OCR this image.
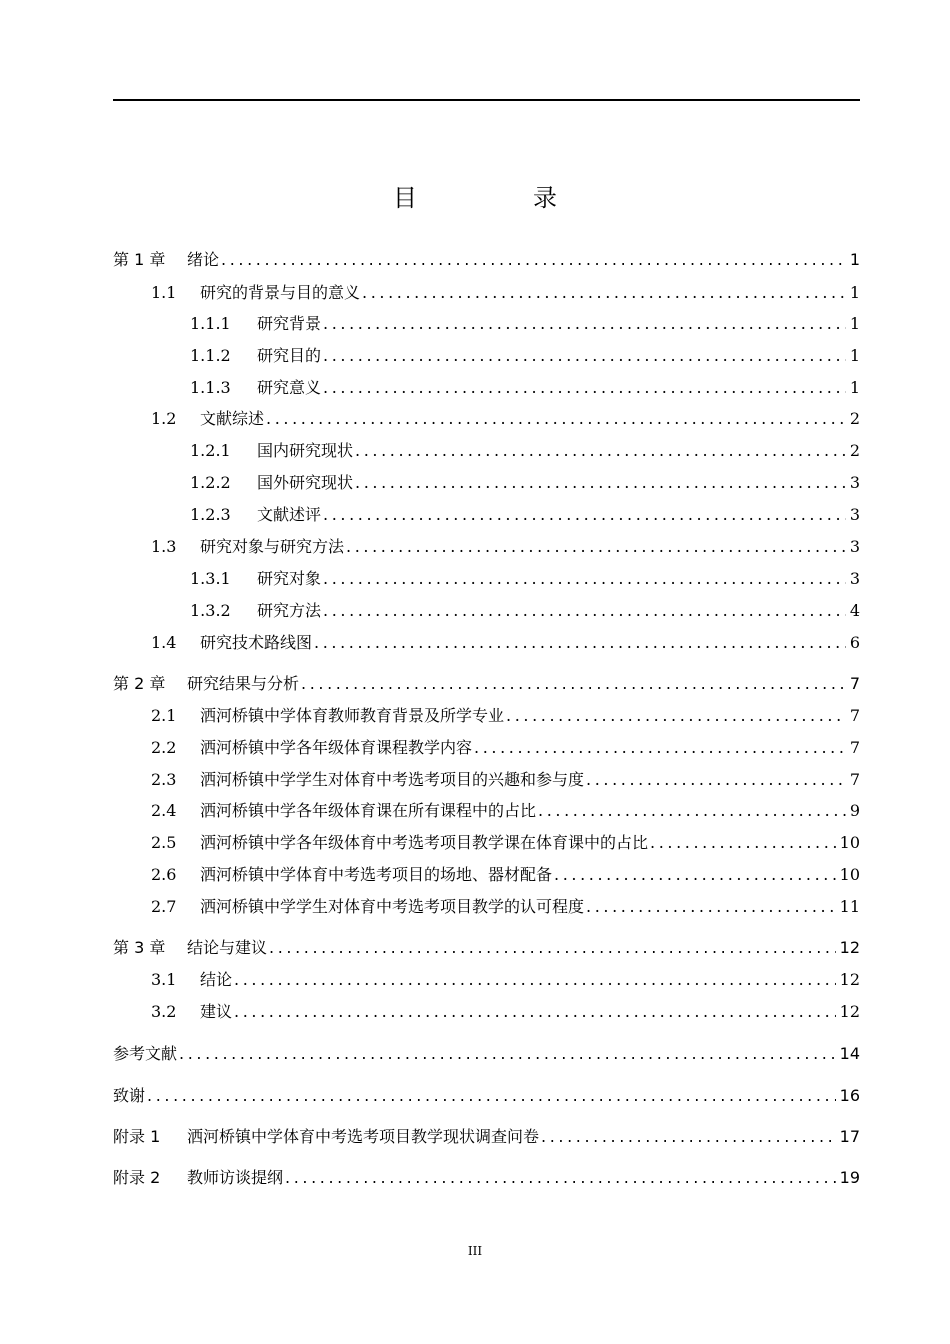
目　录
第 1 章	绪论 .....	1
1.1	研究的背景与目的意义 .....	1
1.1.1	研究背景 .....	1
1.1.2	研究目的 .....	1
1.1.3	研究意义 .....	1
1.2	文献综述 .....	2
1.2.1	国内研究现状 .....	2
1.2.2	国外研究现状 .....	3
1.2.3	文献述评 .....	3
1.3	研究对象与研究方法 .....	3
1.3.1	研究对象 .....	3
1.3.2	研究方法 .....	4
1.4	研究技术路线图 .....	6
第 2 章	研究结果与分析 .....	7
2.1	洒河桥镇中学体育教师教育背景及所学专业 .....	7
2.2	洒河桥镇中学各年级体育课程教学内容 .....	7
2.3	洒河桥镇中学学生对体育中考选考项目的兴趣和参与度 .....	7
2.4	洒河桥镇中学各年级体育课在所有课程中的占比 .....	9
2.5	洒河桥镇中学各年级体育中考选考项目教学课在体育课中的占比 .....	10
2.6	洒河桥镇中学体育中考选考项目的场地、器材配备 .....	10
2.7	洒河桥镇中学学生对体育中考选考项目教学的认可程度 .....	11
第 3 章	结论与建议 .....	12
3.1	结论 .....	12
3.2	建议 .....	12
参考文献 .....	14
致谢 .....	16
附录 1	洒河桥镇中学体育中考选考项目教学现状调查问卷 .....	17
附录 2	教师访谈提纲 .....	19
III
